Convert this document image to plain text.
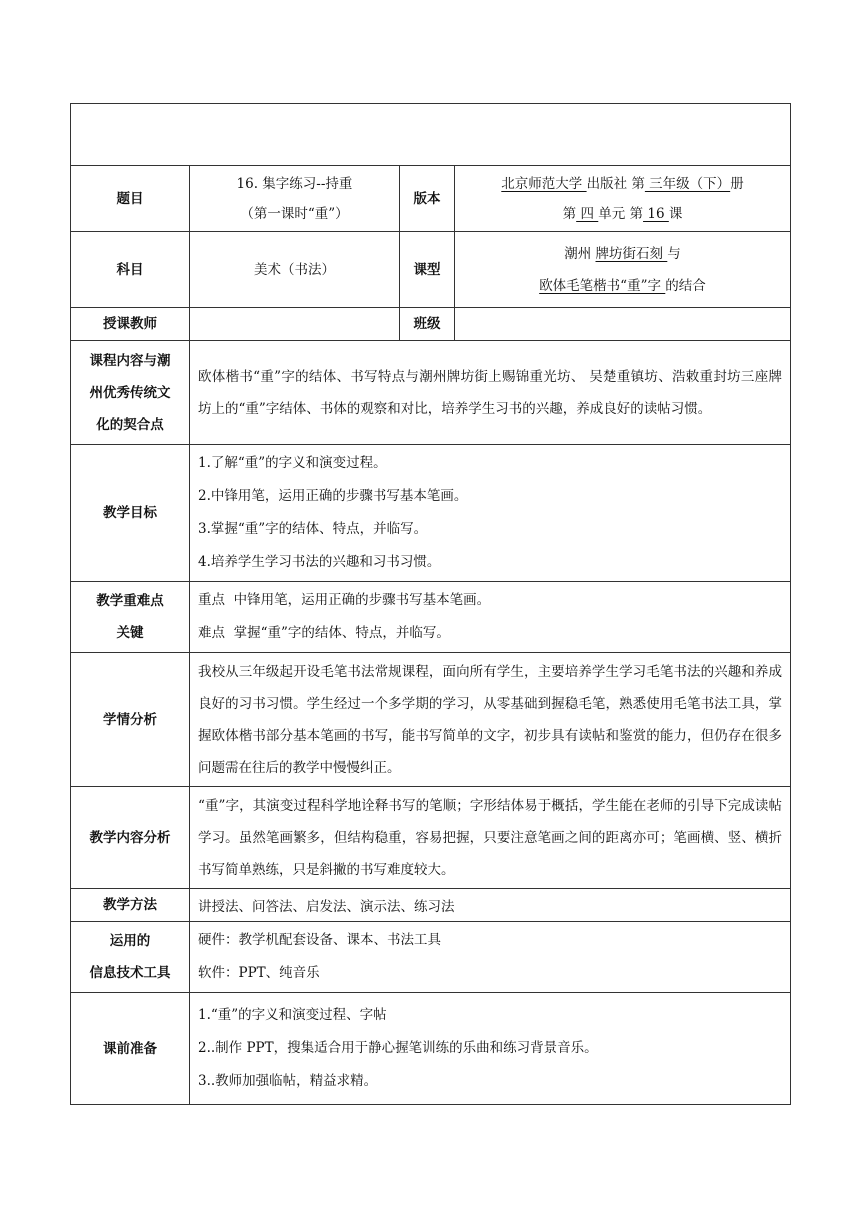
题目	16. 集字练习--持重
（第一课时“重”）	版本	北京师范大学 出版社 第 三年级（下）册
第 四 单元 第 16 课

科目	美术（书法）	课型	潮州 牌坊街石刻 与
欧体毛笔楷书“重”字 的结合

授课教师		班级	

课程内容与潮
州优秀传统文
化的契合点	欧体楷书“重”字的结体、书写特点与潮州牌坊街上赐锦重光坊、 吴楚重镇坊、浩敕重封坊三座牌坊上的“重”字结体、书体的观察和对比，培养学生习书的兴趣，养成良好的读帖习惯。		

教学目标	1.了解“重”的字义和演变过程。
2.中锋用笔，运用正确的步骤书写基本笔画。
3.掌握“重”字的结体、特点，并临写。
4.培养学生学习书法的兴趣和习书习惯。		

教学重难点
关键	重点  中锋用笔，运用正确的步骤书写基本笔画。
难点  掌握“重”字的结体、特点，并临写。		

学情分析	我校从三年级起开设毛笔书法常规课程，面向所有学生，主要培养学生学习毛笔书法的兴趣和养成良好的习书习惯。学生经过一个多学期的学习，从零基础到握稳毛笔，熟悉使用毛笔书法工具，掌握欧体楷书部分基本笔画的书写，能书写简单的文字，初步具有读帖和鉴赏的能力，但仍存在很多问题需在往后的教学中慢慢纠正。		

教学内容分析	“重”字，其演变过程科学地诠释书写的笔顺；字形结体易于概括，学生能在老师的引导下完成读帖学习。虽然笔画繁多，但结构稳重，容易把握，只要注意笔画之间的距离亦可；笔画横、竖、横折书写简单熟练，只是斜撇的书写难度较大。		

教学方法	讲授法、问答法、启发法、演示法、练习法		

运用的
信息技术工具	硬件：教学机配套设备、课本、书法工具
软件：PPT、纯音乐		

课前准备	1.“重”的字义和演变过程、字帖
2..制作 PPT，搜集适合用于静心握笔训练的乐曲和练习背景音乐。
3..教师加强临帖，精益求精。		
